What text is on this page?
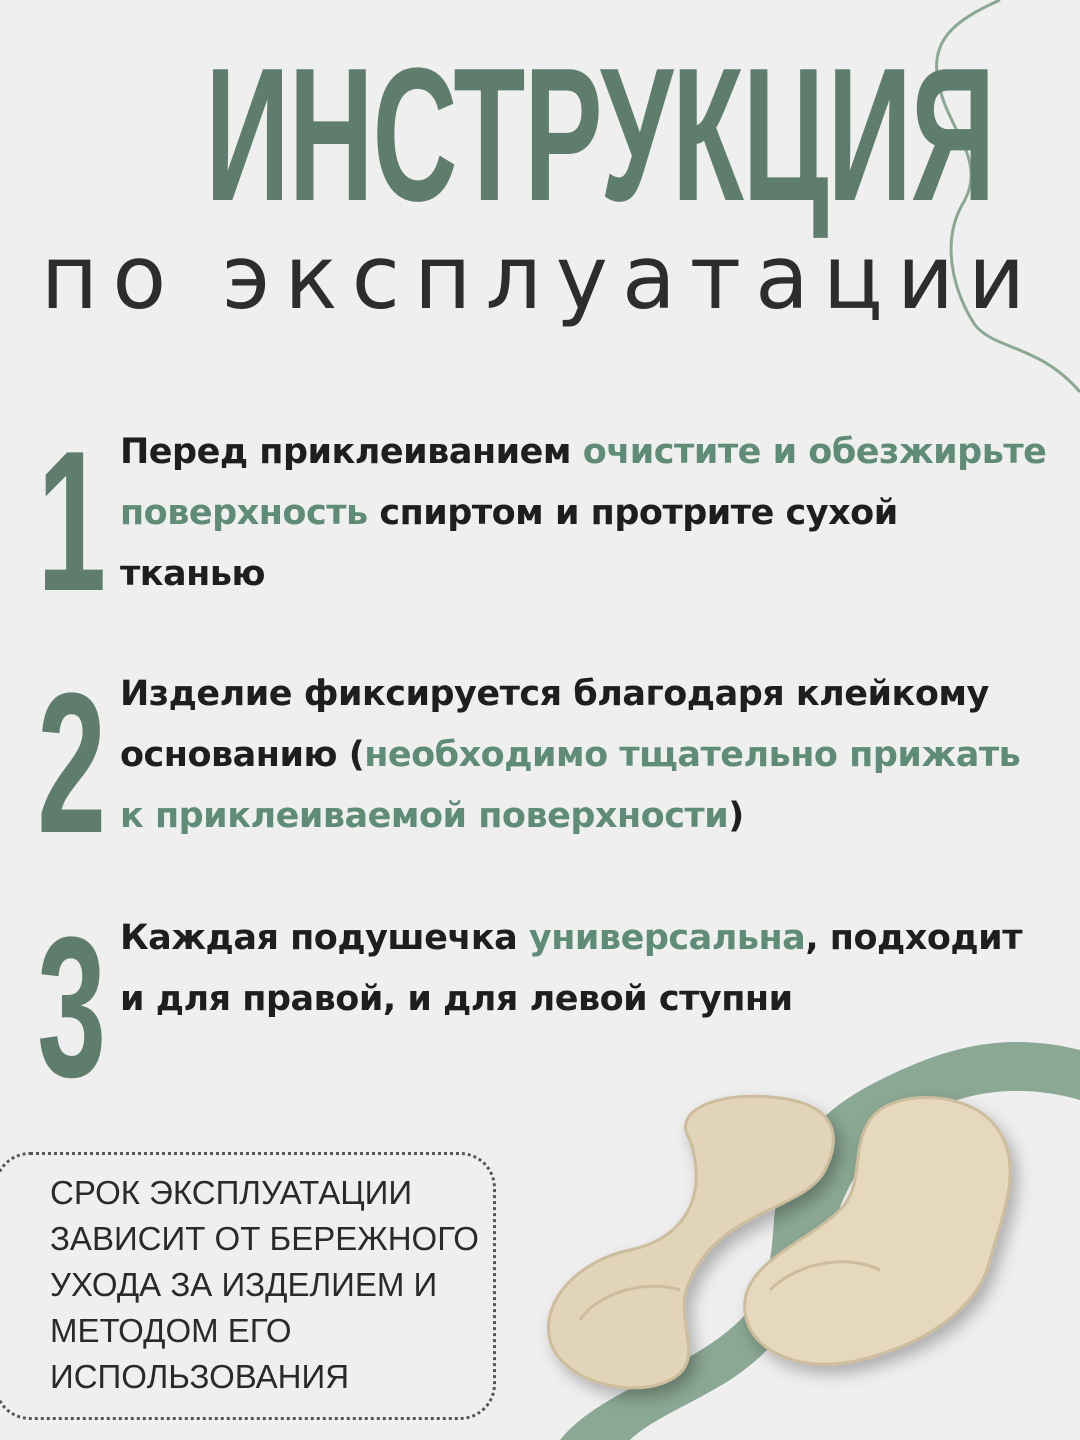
ИНСТРУКЦИЯ
по эксплуатации
1 Перед приклеиванием очистите и обезжирьте поверхность спиртом и протрите сухой тканью
2 Изделие фиксируется благодаря клейкому основанию (необходимо тщательно прижать к приклеиваемой поверхности)
3 Каждая подушечка универсальна, подходит и для правой, и для левой ступни
СРОК ЭКСПЛУАТАЦИИ ЗАВИСИТ ОТ БЕРЕЖНОГО УХОДА ЗА ИЗДЕЛИЕМ И МЕТОДОМ ЕГО ИСПОЛЬЗОВАНИЯ
